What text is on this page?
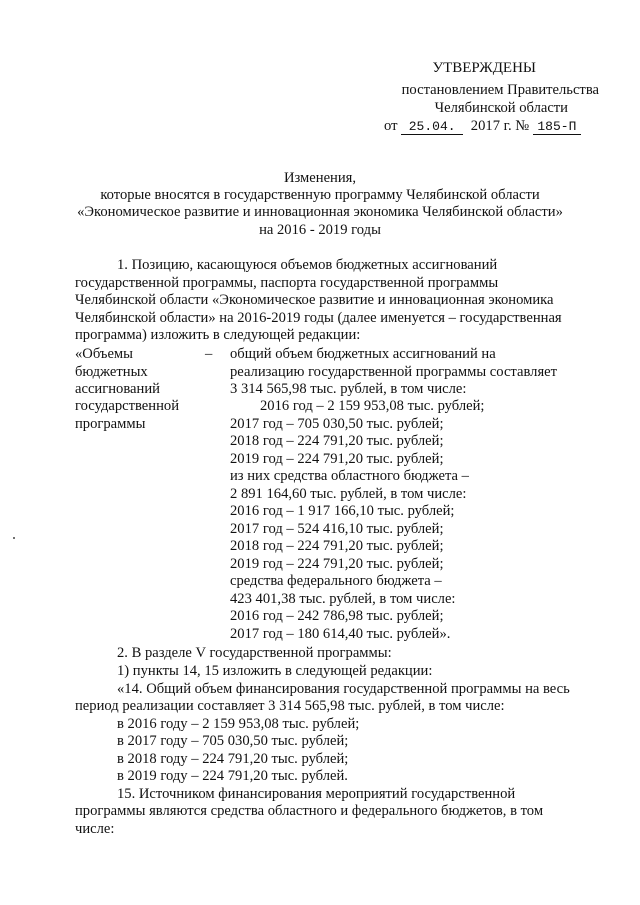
УТВЕРЖДЕНЫ
постановлением Правительства
Челябинской области
от 25.04. 2017 г. № 185-П
Изменения,
которые вносятся в государственную программу Челябинской области
«Экономическое развитие и инновационная экономика Челябинской области»
на 2016 - 2019 годы
1. Позицию, касающуюся объемов бюджетных ассигнований
государственной программы, паспорта государственной программы
Челябинской области «Экономическое развитие и инновационная экономика
Челябинской области» на 2016-2019 годы (далее именуется – государственная
программа) изложить в следующей редакции:
«Объемы
бюджетных
ассигнований
государственной
программы
– общий объем бюджетных ассигнований на
реализацию государственной программы составляет
3 314 565,98 тыс. рублей, в том числе:
2016 год – 2 159 953,08 тыс. рублей;
2017 год – 705 030,50 тыс. рублей;
2018 год – 224 791,20 тыс. рублей;
2019 год – 224 791,20 тыс. рублей;
из них средства областного бюджета –
2 891 164,60 тыс. рублей, в том числе:
2016 год – 1 917 166,10 тыс. рублей;
2017 год – 524 416,10 тыс. рублей;
2018 год – 224 791,20 тыс. рублей;
2019 год – 224 791,20 тыс. рублей;
средства федерального бюджета –
423 401,38 тыс. рублей, в том числе:
2016 год – 242 786,98 тыс. рублей;
2017 год – 180 614,40 тыс. рублей».
2. В разделе V государственной программы:
1) пункты 14, 15 изложить в следующей редакции:
«14. Общий объем финансирования государственной программы на весь
период реализации составляет 3 314 565,98 тыс. рублей, в том числе:
в 2016 году – 2 159 953,08 тыс. рублей;
в 2017 году – 705 030,50 тыс. рублей;
в 2018 году – 224 791,20 тыс. рублей;
в 2019 году – 224 791,20 тыс. рублей.
15. Источником финансирования мероприятий государственной
программы являются средства областного и федерального бюджетов, в том
числе:
